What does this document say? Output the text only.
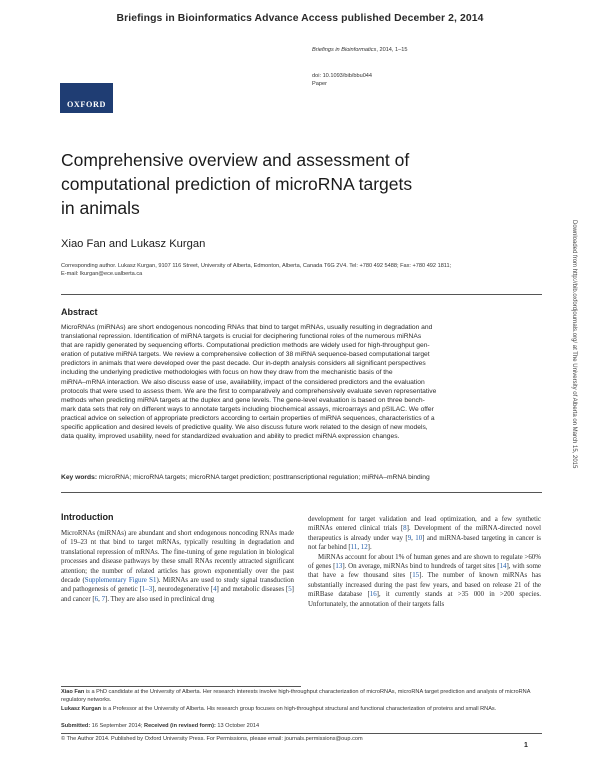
Briefings in Bioinformatics Advance Access published December 2, 2014
OXFORD
Briefings in Bioinformatics, 2014, 1–15
doi: 10.1093/bib/bbu044
Paper
Comprehensive overview and assessment of
computational prediction of microRNA targets
in animals
Xiao Fan and Lukasz Kurgan
Corresponding author. Lukasz Kurgan, 9107 116 Street, University of Alberta, Edmonton, Alberta, Canada T6G 2V4. Tel: +780 492 5488; Fax: +780 492 1811;
E-mail: lkurgan@ece.ualberta.ca
Abstract
MicroRNAs (miRNAs) are short endogenous noncoding RNAs that bind to target mRNAs, usually resulting in degradation and
translational repression. Identification of miRNA targets is crucial for deciphering functional roles of the numerous miRNAs
that are rapidly generated by sequencing efforts. Computational prediction methods are widely used for high-throughput gen-
eration of putative miRNA targets. We review a comprehensive collection of 38 miRNA sequence-based computational target
predictors in animals that were developed over the past decade. Our in-depth analysis considers all significant perspectives
including the underlying predictive methodologies with focus on how they draw from the mechanistic basis of the
miRNA–mRNA interaction. We also discuss ease of use, availability, impact of the considered predictors and the evaluation
protocols that were used to assess them. We are the first to comparatively and comprehensively evaluate seven representative
methods when predicting miRNA targets at the duplex and gene levels. The gene-level evaluation is based on three bench-
mark data sets that rely on different ways to annotate targets including biochemical assays, microarrays and pSILAC. We offer
practical advice on selection of appropriate predictors according to certain properties of miRNA sequences, characteristics of a
specific application and desired levels of predictive quality. We also discuss future work related to the design of new models,
data quality, improved usability, need for standardized evaluation and ability to predict miRNA expression changes.
Key words: microRNA; microRNA targets; microRNA target prediction; posttranscriptional regulation; miRNA–mRNA binding
Introduction

MicroRNAs (miRNAs) are abundant and short endogenous noncoding RNAs made of 19–23 nt that bind to target mRNAs, typically resulting in degradation and translational repression of mRNAs. The fine-tuning of gene regulation in biological processes and disease pathways by these small RNAs recently attracted significant attention; the number of related articles has grown exponentially over the past decade (Supplementary Figure S1). MiRNAs are used to study signal transduction and pathogenesis of genetic [1–3], neurodegenerative [4] and metabolic diseases [5] and cancer [6, 7]. They are also used in preclinical drug

development for target validation and lead optimization, and a few synthetic miRNAs entered clinical trials [8]. Development of the miRNA-directed novel therapeutics is already under way [9, 10] and miRNA-based targeting in cancer is not far behind [11, 12].

MiRNAs account for about 1% of human genes and are shown to regulate >60% of genes [13]. On average, miRNAs bind to hundreds of target sites [14], with some that have a few thousand sites [15]. The number of known miRNAs has substantially increased during the past few years, and based on release 21 of the miRBase database [16], it currently stands at >35 000 in >200 species. Unfortunately, the annotation of their targets falls

Xiao Fan is a PhD candidate at the University of Alberta. Her research interests involve high-throughput characterization of microRNAs, microRNA target prediction and analysis of microRNA regulatory networks.
Lukasz Kurgan is a Professor at the University of Alberta. His research group focuses on high-throughput structural and functional characterization of proteins and small RNAs.
Submitted: 16 September 2014; Received (in revised form): 13 October 2014
© The Author 2014. Published by Oxford University Press. For Permissions, please email: journals.permissions@oup.com
1
Downloaded from http://bib.oxfordjournals.org/ at The University of Alberta on March 15, 2015
